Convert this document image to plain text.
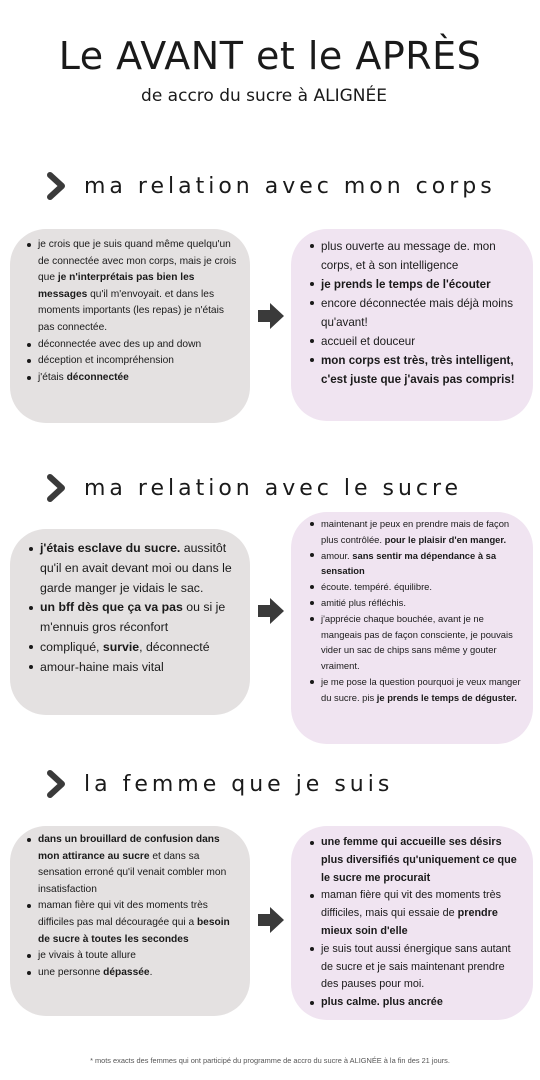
Le AVANT et le APRÈS
de accro du sucre à ALIGNÉE
ma relation avec mon corps
je crois que je suis quand même quelqu'un de connectée avec mon corps, mais je crois que je n'interprétais pas bien les messages qu'il m'envoyait. et dans les moments importants (les repas) je n'étais pas connectée.
déconnectée avec des up and down
déception et incompréhension
j'étais déconnectée
plus ouverte au message de. mon corps, et à son intelligence
je prends le temps de l'écouter
encore déconnectée mais déjà moins qu'avant!
accueil et douceur
mon corps est très, très intelligent, c'est juste que j'avais pas compris!
ma relation avec le sucre
j'étais esclave du sucre. aussitôt qu'il en avait devant moi ou dans le garde manger je vidais le sac.
un bff dès que ça va pas ou si je m'ennuis gros réconfort
compliqué, survie, déconnecté
amour-haine mais vital
maintenant je peux en prendre mais de façon plus contrôlée. pour le plaisir d'en manger.
amour. sans sentir ma dépendance à sa sensation
écoute. tempéré. équilibre.
amitié plus réfléchis.
j'apprécie chaque bouchée, avant je ne mangeais pas de façon consciente, je pouvais vider un sac de chips sans même y gouter vraiment.
je me pose la question pourquoi je veux manger du sucre. pis je prends le temps de déguster.
la femme que je suis
dans un brouillard de confusion dans mon attirance au sucre et dans sa sensation erroné qu'il venait combler mon insatisfaction
maman fière qui vit des moments très difficiles pas mal découragée qui a besoin de sucre à toutes les secondes
je vivais à toute allure
une personne dépassée.
une femme qui accueille ses désirs plus diversifiés qu'uniquement ce que le sucre me procurait
maman fière qui vit des moments très difficiles, mais qui essaie de prendre mieux soin d'elle
je suis tout aussi énergique sans autant de sucre et je sais maintenant prendre des pauses pour moi.
plus calme. plus ancrée
* mots exacts des femmes qui ont participé du programme de accro du sucre à ALIGNÉE à la fin des 21 jours.
